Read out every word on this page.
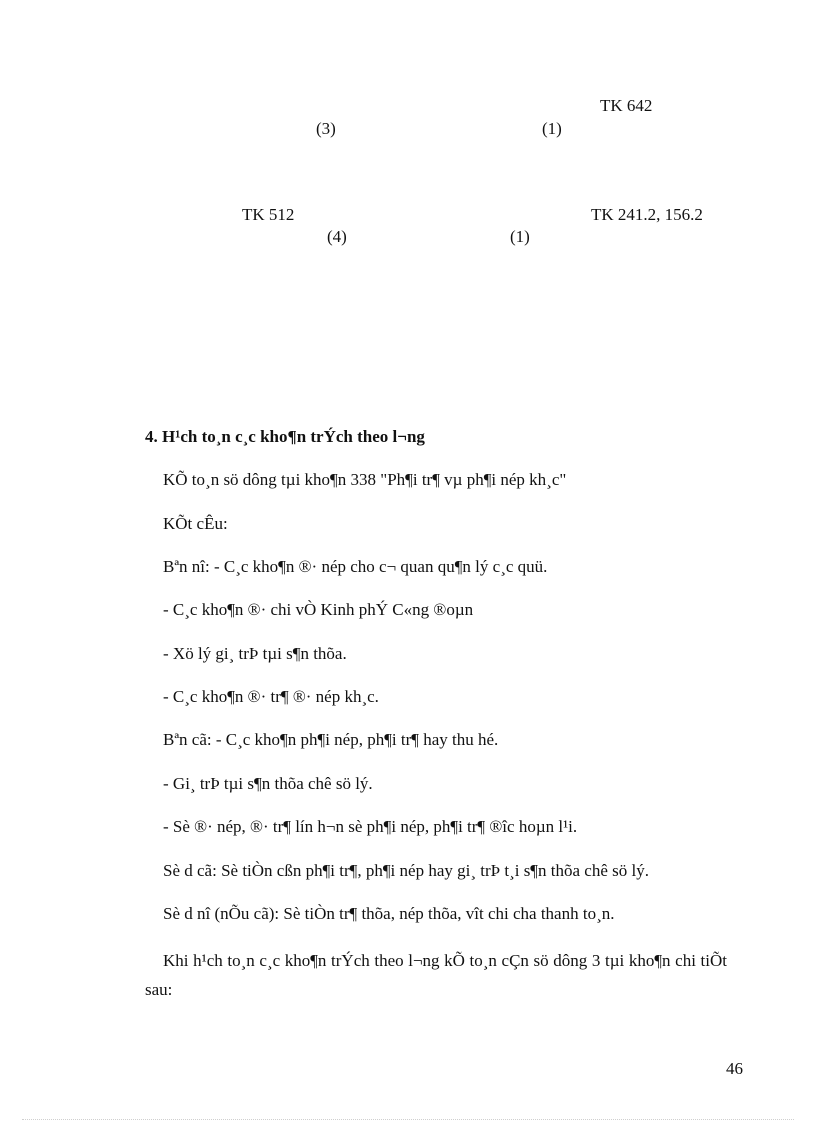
TK 642
(3)	(1)
TK 512	TK 241.2, 156.2
(4)	(1)
4. H¹ch to¸n c¸c kho¶n trÝch theo l¬ng
KÕ to¸n sö dông tµi kho¶n 338 "Ph¶i tr¶ vµ ph¶i nép kh¸c"
KÕt cÊu:
Bªn nî: - C¸c kho¶n ®· nép cho c¬ quan qu¶n lý c¸c quü.
- C¸c kho¶n ®· chi vÒ Kinh phÝ C«ng ®oµn
- Xö lý gi¸ trÞ tµi s¶n thõa.
- C¸c kho¶n ®· tr¶ ®· nép kh¸c.
Bªn cã: - C¸c kho¶n ph¶i nép, ph¶i tr¶ hay thu hé.
- Gi¸ trÞ tµi s¶n thõa chê sö lý.
- Sè ®· nép, ®· tr¶ lín h¬n sè ph¶i nép, ph¶i tr¶ ®îc hoµn l¹i.
Sè d cã: Sè tiÒn cßn ph¶i tr¶, ph¶i nép hay gi¸ trÞ t¸i s¶n thõa chê sö lý.
Sè d nî (nÕu cã): Sè tiÒn tr¶ thõa, nép thõa, vît chi cha thanh to¸n.
Khi h¹ch to¸n c¸c kho¶n trÝch theo l¬ng kÕ to¸n cÇn sö dông 3 tµi kho¶n chi tiÕt sau:
46
